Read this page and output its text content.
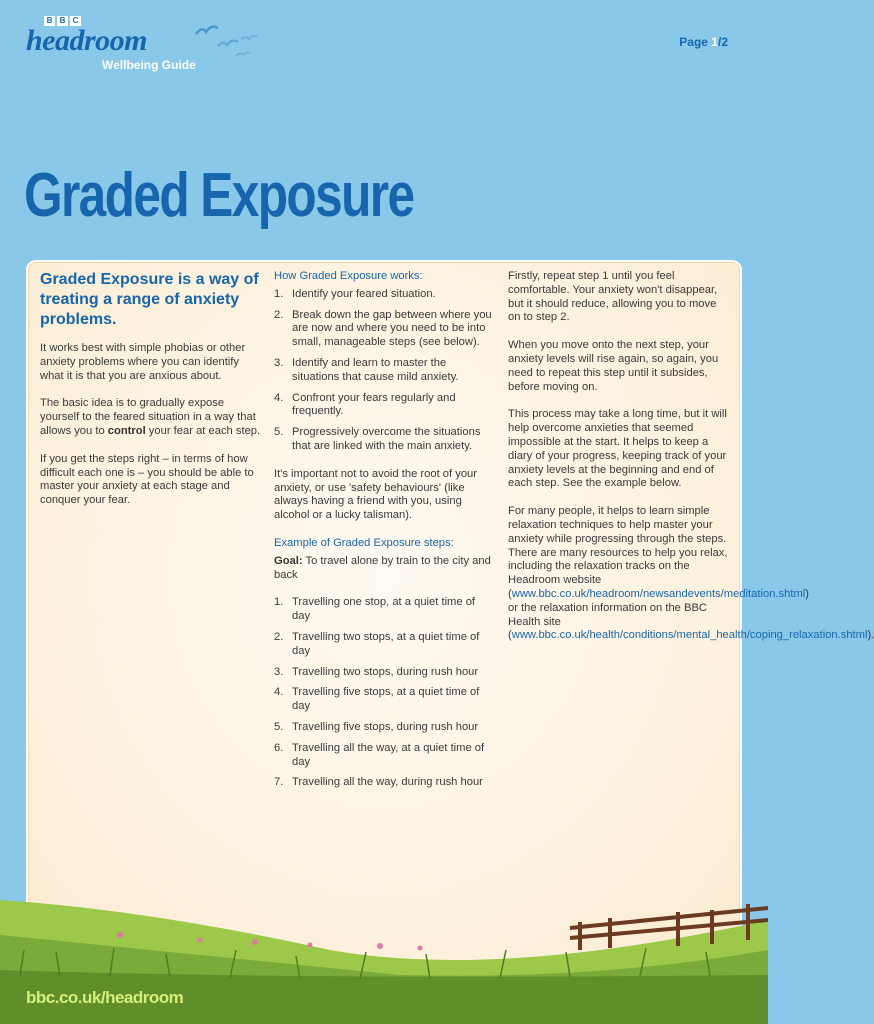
B B C
headroom
Wellbeing Guide
Page 1/2
Graded Exposure
Graded Exposure is a way of treating a range of anxiety problems.

It works best with simple phobias or other anxiety problems where you can identify what it is that you are anxious about.

The basic idea is to gradually expose yourself to the feared situation in a way that allows you to control your fear at each step.

If you get the steps right – in terms of how difficult each one is – you should be able to master your anxiety at each stage and conquer your fear.

How Graded Exposure works:
1. Identify your feared situation.
2. Break down the gap between where you are now and where you need to be into small, manageable steps (see below).
3. Identify and learn to master the situations that cause mild anxiety.
4. Confront your fears regularly and frequently.
5. Progressively overcome the situations that are linked with the main anxiety.

It's important not to avoid the root of your anxiety, or use 'safety behaviours' (like always having a friend with you, using alcohol or a lucky talisman).

Example of Graded Exposure steps:

Goal: To travel alone by train to the city and back

1. Travelling one stop, at a quiet time of day
2. Travelling two stops, at a quiet time of day
3. Travelling two stops, during rush hour
4. Travelling five stops, at a quiet time of day
5. Travelling five stops, during rush hour
6. Travelling all the way, at a quiet time of day
7. Travelling all the way, during rush hour

Firstly, repeat step 1 until you feel comfortable. Your anxiety won't disappear, but it should reduce, allowing you to move on to step 2.

When you move onto the next step, your anxiety levels will rise again, so again, you need to repeat this step until it subsides, before moving on.

This process may take a long time, but it will help overcome anxieties that seemed impossible at the start. It helps to keep a diary of your progress, keeping track of your anxiety levels at the beginning and end of each step. See the example below.

For many people, it helps to learn simple relaxation techniques to help master your anxiety while progressing through the steps. There are many resources to help you relax, including the relaxation tracks on the Headroom website (www.bbc.co.uk/headroom/newsandevents/meditation.shtml) or the relaxation information on the BBC Health site (www.bbc.co.uk/health/conditions/mental_health/coping_relaxation.shtml).

bbc.co.uk/headroom
